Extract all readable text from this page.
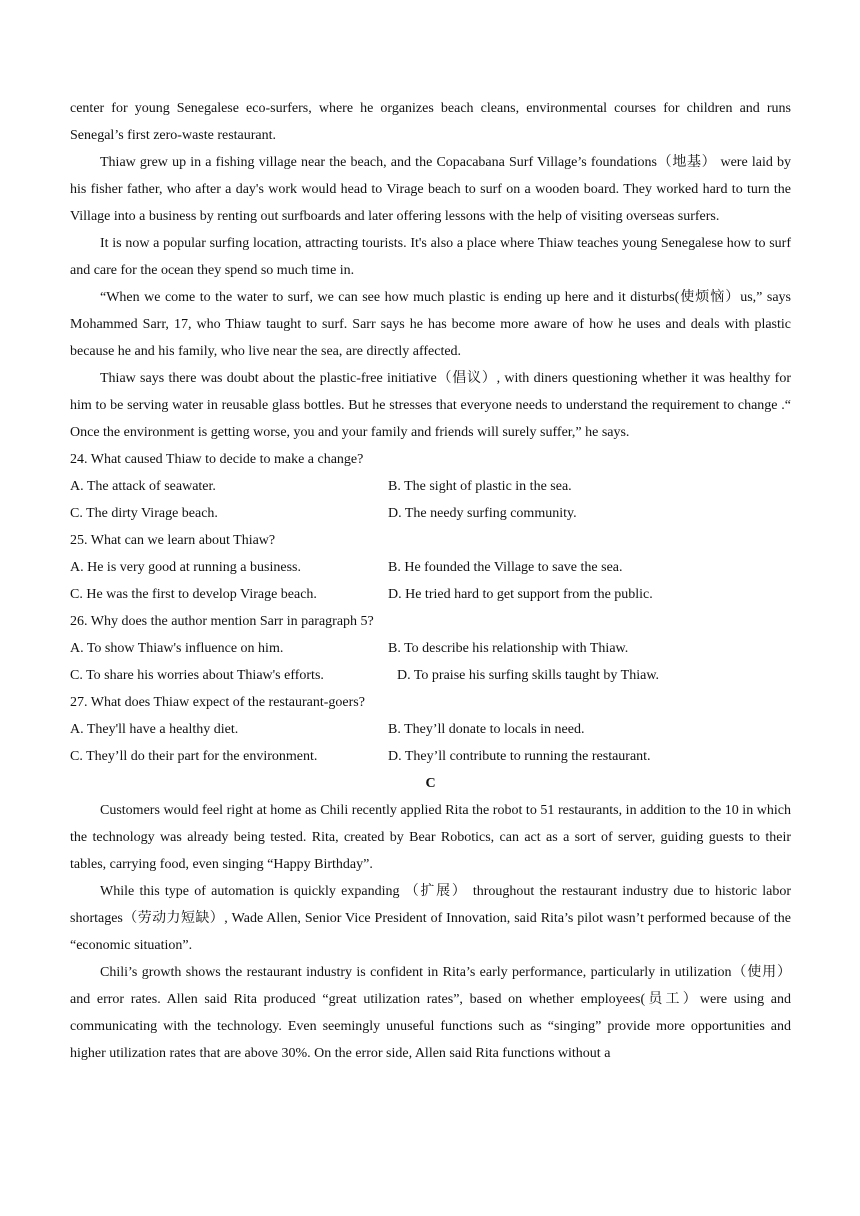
center for young Senegalese eco-surfers, where he organizes beach cleans, environmental courses for children and runs Senegal’s first zero-waste restaurant.

Thiaw grew up in a fishing village near the beach, and the Copacabana Surf Village’s foundations（地基） were laid by his fisher father, who after a day's work would head to Virage beach to surf on a wooden board. They worked hard to turn the Village into a business by renting out surfboards and later offering lessons with the help of visiting overseas surfers.

It is now a popular surfing location, attracting tourists. It's also a place where Thiaw teaches young Senegalese how to surf and care for the ocean they spend so much time in.

“When we come to the water to surf, we can see how much plastic is ending up here and it disturbs(使烦恼）us,” says Mohammed Sarr, 17, who Thiaw taught to surf. Sarr says he has become more aware of how he uses and deals with plastic because he and his family, who live near the sea, are directly affected.

Thiaw says there was doubt about the plastic-free initiative（倡议）, with diners questioning whether it was healthy for him to be serving water in reusable glass bottles. But he stresses that everyone needs to understand the requirement to change .“ Once the environment is getting worse, you and your family and friends will surely suffer,” he says.

24. What caused Thiaw to decide to make a change?

A. The attack of seawater.	B. The sight of plastic in the sea.
C. The dirty Virage beach.	D. The needy surfing community.

25. What can we learn about Thiaw?

A. He is very good at running a business.	B. He founded the Village to save the sea.
C. He was the first to develop Virage beach.	D. He tried hard to get support from the public.

26. Why does the author mention Sarr in paragraph 5?

A. To show Thiaw's influence on him.	B. To describe his relationship with Thiaw.
C. To share his worries about Thiaw's efforts.	D. To praise his surfing skills taught by Thiaw.

27. What does Thiaw expect of the restaurant-goers?

A. They'll have a healthy diet.	B. They’ll donate to locals in need.
C. They’ll do their part for the environment.	D. They’ll contribute to running the restaurant.

C

Customers would feel right at home as Chili recently applied Rita the robot to 51 restaurants, in addition to the 10 in which the technology was already being tested. Rita, created by Bear Robotics, can act as a sort of server, guiding guests to their tables, carrying food, even singing “Happy Birthday”.

While this type of automation is quickly expanding （扩展） throughout the restaurant industry due to historic labor shortages（劳动力短缺）, Wade Allen, Senior Vice President of Innovation, said Rita’s pilot wasn’t performed because of the “economic situation”.

Chili’s growth shows the restaurant industry is confident in Rita’s early performance, particularly in utilization（使用）and error rates. Allen said Rita produced “great utilization rates”, based on whether employees(员工）were using and communicating with the technology. Even seemingly unuseful functions such as “singing” provide more opportunities and higher utilization rates that are above 30%. On the error side, Allen said Rita functions without a
